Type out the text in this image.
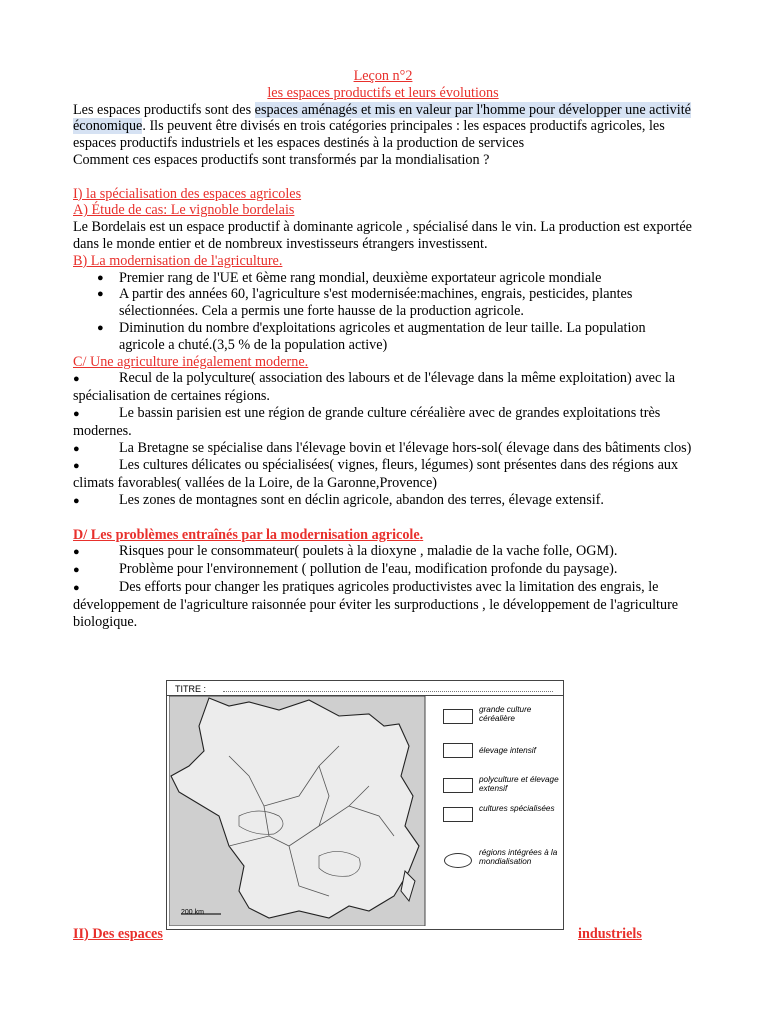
Leçon n°2

les espaces productifs et leurs évolutions

Les espaces productifs sont des espaces aménagés et mis en valeur par l'homme pour développer une activité économique. Ils peuvent être divisés en trois catégories principales : les espaces productifs agricoles, les espaces productifs industriels et les espaces destinés à la production de services

Comment ces espaces productifs sont transformés par la mondialisation ?

I) la spécialisation des espaces agricoles

A) Étude de cas: Le vignoble bordelais

Le Bordelais est un espace productif à dominante agricole , spécialisé dans le vin. La production est exportée dans le monde entier et de nombreux investisseurs étrangers investissent.

B) La modernisation de l'agriculture.

● Premier rang de l'UE et 6ème rang mondial, deuxième exportateur agricole mondiale
● A partir des années 60, l'agriculture s'est modernisée:machines, engrais, pesticides, plantes sélectionnées. Cela a permis une forte hausse de la production agricole.
● Diminution du nombre d'exploitations agricoles et augmentation de leur taille. La population agricole a chuté.(3,5 % de la population active)

C/ Une agriculture inégalement moderne.

●	Recul de la polyculture( association des labours et de l'élevage dans la même exploitation) avec la spécialisation de certaines régions.

●	Le bassin parisien est une région de grande culture céréalière avec de grandes exploitations très modernes.

●	La Bretagne se spécialise dans l'élevage bovin et l'élevage hors-sol( élevage dans des bâtiments clos)

●	Les cultures délicates ou spécialisées( vignes, fleurs, légumes) sont présentes dans des régions aux climats favorables( vallées de la Loire, de la Garonne,Provence)

●	Les zones de montagnes sont en déclin agricole, abandon des terres, élevage extensif.

D/ Les problèmes entraînés par la modernisation agricole.

●	Risques pour le consommateur( poulets à la dioxyne , maladie de la vache folle, OGM).

●	Problème pour l'environnement ( pollution de l'eau, modification profonde du paysage).

●	Des efforts pour changer les pratiques agricoles productivistes avec la limitation des engrais, le développement de l'agriculture raisonnée pour éviter les surproductions , le développement de l'agriculture biologique.

TITRE :
200 km
grande culture céréalière
élevage intensif
polyculture et élevage extensif
cultures spécialisées
régions intégrées à la mondialisation
II) Des espaces	industriels
